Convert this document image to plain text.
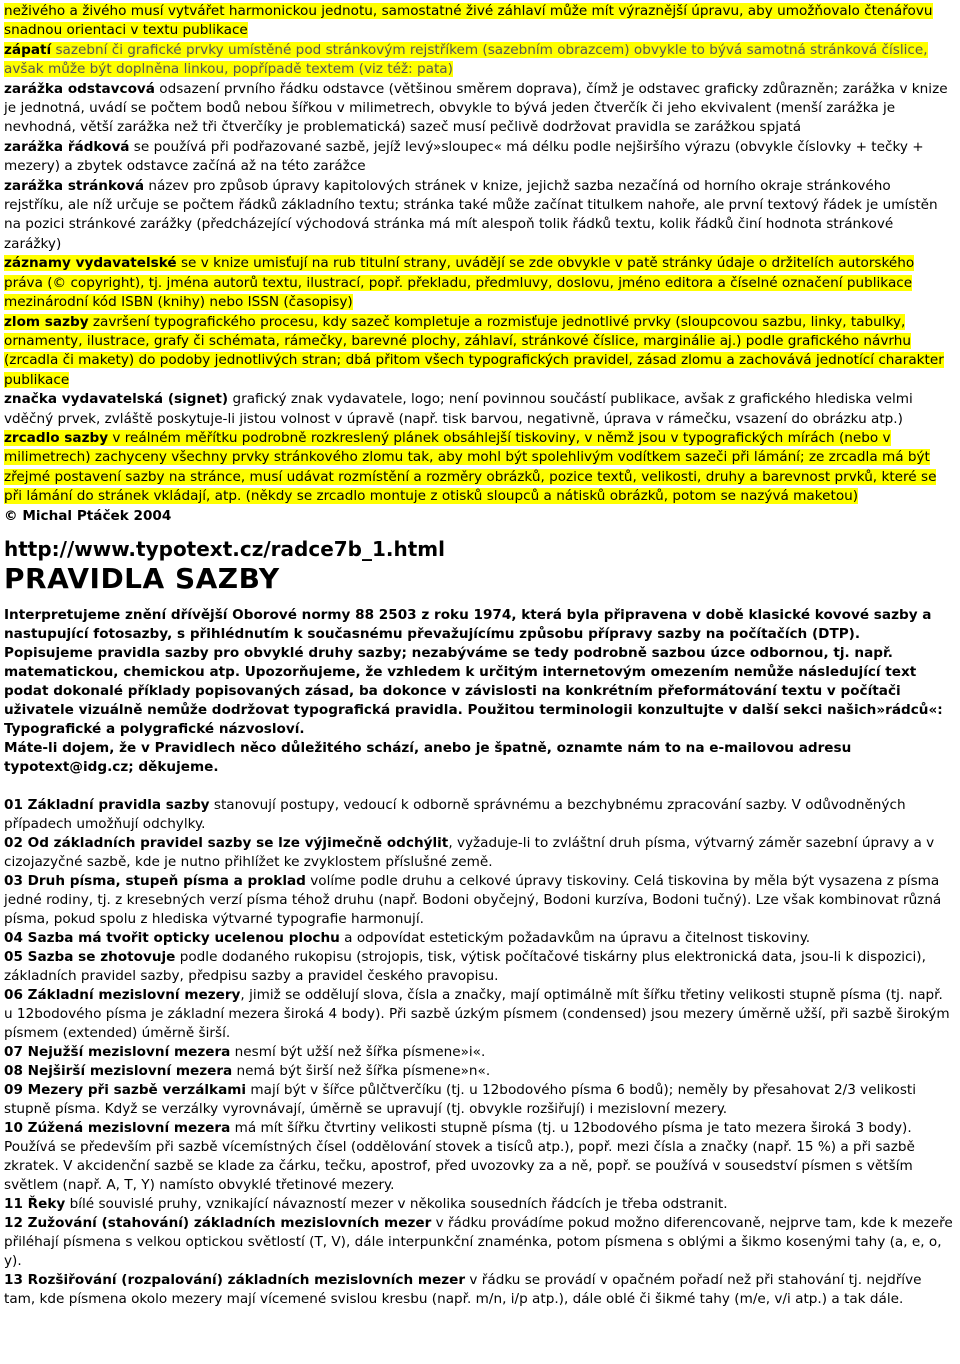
neživého a živého musí vytvářet harmonickou jednotu, samostatné živé záhlaví může mít výraznější úpravu, aby umožňovalo čtenářovu snadnou orientaci v textu publikace

zápatí sazební či grafické prvky umístěné pod stránkovým rejstříkem (sazebním obrazcem) obvykle to bývá samotná stránková číslice, avšak může být doplněna linkou, popřípadě textem (viz též: pata)

zarážka odstavcová odsazení prvního řádku odstavce (většinou směrem doprava), čímž je odstavec graficky zdůrazněn; zarážka v knize je jednotná, uvádí se počtem bodů nebou šířkou v milimetrech, obvykle to bývá jeden čtverčík či jeho ekvivalent (menší zarážka je nevhodná, větší zarážka než tři čtverčíky je problematická) sazeč musí pečlivě dodržovat pravidla se zarážkou spjatá

zarážka řádková se používá při podřazované sazbě, jejíž levý»sloupec« má délku podle nejširšího výrazu (obvykle číslovky + tečky + mezery) a zbytek odstavce začíná až na této zarážce

zarážka stránková název pro způsob úpravy kapitolových stránek v knize, jejichž sazba nezačíná od horního okraje stránkového rejstříku, ale níž určuje se počtem řádků základního textu; stránka také může začínat titulkem nahoře, ale první textový řádek je umístěn na pozici stránkové zarážky (předcházející východová stránka má mít alespoň tolik řádků textu, kolik řádků činí hodnota stránkové zarážky)

záznamy vydavatelské se v knize umisťují na rub titulní strany, uvádějí se zde obvykle v patě stránky údaje o držitelích autorského práva (© copyright), tj. jména autorů textu, ilustrací, popř. překladu, předmluvy, doslovu, jméno editora a číselné označení publikace mezinárodní kód ISBN (knihy) nebo ISSN (časopisy)

zlom sazby završení typografického procesu, kdy sazeč kompletuje a rozmisťuje jednotlivé prvky (sloupcovou sazbu, linky, tabulky, ornamenty, ilustrace, grafy či schémata, rámečky, barevné plochy, záhlaví, stránkové číslice, marginálie aj.) podle grafického návrhu (zrcadla či makety) do podoby jednotlivých stran; dbá přitom všech typografických pravidel, zásad zlomu a zachovává jednotící charakter publikace

značka vydavatelská (signet) grafický znak vydavatele, logo; není povinnou součástí publikace, avšak z grafického hlediska velmi vděčný prvek, zvláště poskytuje-li jistou volnost v úpravě (např. tisk barvou, negativně, úprava v rámečku, vsazení do obrázku atp.)

zrcadlo sazby v reálném měřítku podrobně rozkreslený plánek obsáhlejší tiskoviny, v němž jsou v typografických mírách (nebo v milimetrech) zachyceny všechny prvky stránkového zlomu tak, aby mohl být spolehlivým vodítkem sazeči při lámání; ze zrcadla má být zřejmé postavení sazby na stránce, musí udávat rozmístění a rozměry obrázků, pozice textů, velikosti, druhy a barevnost prvků, které se při lámání do stránek vkládají, atp. (někdy se zrcadlo montuje z otisků sloupců a nátisků obrázků, potom se nazývá maketou)

© Michal Ptáček 2004

http://www.typotext.cz/radce7b_1.html

PRAVIDLA SAZBY

Interpretujeme znění dřívější Oborové normy 88 2503 z roku 1974, která byla připravena v době klasické kovové sazby a nastupující fotosazby, s přihlédnutím k současnému převažujícímu způsobu přípravy sazby na počítačích (DTP).

Popisujeme pravidla sazby pro obvyklé druhy sazby; nezabýváme se tedy podrobně sazbou úzce odbornou, tj. např. matematickou, chemickou atp. Upozorňujeme, že vzhledem k určitým internetovým omezením nemůže následující text podat dokonalé příklady popisovaných zásad, ba dokonce v závislosti na konkrétním přeformátování textu v počítači uživatele vizuálně nemůže dodržovat typografická pravidla. Použitou terminologii konzultujte v další sekci našich»rádců«: Typografické a polygrafické názvosloví.

Máte-li dojem, že v Pravidlech něco důležitého schází, anebo je špatně, oznamte nám to na e-mailovou adresu typotext@idg.cz; děkujeme.

01 Základní pravidla sazby stanovují postupy, vedoucí k odborně správnému a bezchybnému zpracování sazby. V odůvodněných případech umožňují odchylky.

02 Od základních pravidel sazby se lze výjimečně odchýlit, vyžaduje-li to zvláštní druh písma, výtvarný záměr sazební úpravy a v cizojazyčné sazbě, kde je nutno přihlížet ke zvyklostem příslušné země.

03 Druh písma, stupeň písma a proklad volíme podle druhu a celkové úpravy tiskoviny. Celá tiskovina by měla být vysazena z písma jedné rodiny, tj. z kresebných verzí písma téhož druhu (např. Bodoni obyčejný, Bodoni kurzíva, Bodoni tučný). Lze však kombinovat různá písma, pokud spolu z hlediska výtvarné typografie harmonují.

04 Sazba má tvořit opticky ucelenou plochu a odpovídat estetickým požadavkům na úpravu a čitelnost tiskoviny.

05 Sazba se zhotovuje podle dodaného rukopisu (strojopis, tisk, výtisk počítačové tiskárny plus elektronická data, jsou-li k dispozici), základních pravidel sazby, předpisu sazby a pravidel českého pravopisu.

06 Základní mezislovní mezery, jimiž se oddělují slova, čísla a značky, mají optimálně mít šířku třetiny velikosti stupně písma (tj. např. u 12bodového písma je základní mezera široká 4 body). Při sazbě úzkým písmem (condensed) jsou mezery úměrně užší, při sazbě širokým písmem (extended) úměrně širší.

07 Nejužší mezislovní mezera nesmí být užší než šířka písmene»i«.

08 Nejširší mezislovní mezera nemá být širší než šířka písmene»n«.

09 Mezery při sazbě verzálkami mají být v šířce půlčtverčíku (tj. u 12bodového písma 6 bodů); neměly by přesahovat 2/3 velikosti stupně písma. Když se verzálky vyrovnávají, úměrně se upravují (tj. obvykle rozšiřují) i mezislovní mezery.

10 Zúžená mezislovní mezera má mít šířku čtvrtiny velikosti stupně písma (tj. u 12bodového písma je tato mezera široká 3 body). Používá se především při sazbě vícemístných čísel (oddělování stovek a tisíců atp.), popř. mezi čísla a značky (např. 15 %) a při sazbě zkratek. V akcidenční sazbě se klade za čárku, tečku, apostrof, před uvozovky za a ně, popř. se používá v sousedství písmen s větším světlem (např. A, T, Y) namísto obvyklé třetinové mezery.

11 Řeky bílé souvislé pruhy, vznikající návazností mezer v několika sousedních řádcích je třeba odstranit.

12 Zužování (stahování) základních mezislovních mezer v řádku provádíme pokud možno diferencovaně, nejprve tam, kde k mezeře přiléhají písmena s velkou optickou světlostí (T, V), dále interpunkční znaménka, potom písmena s oblými a šikmo kosenými tahy (a, e, o, y).

13 Rozšiřování (rozpalování) základních mezislovních mezer v řádku se provádí v opačném pořadí než při stahování tj. nejdříve tam, kde písmena okolo mezery mají vícemené svislou kresbu (např. m/n, i/p atp.), dále oblé či šikmé tahy (m/e, v/i atp.) a tak dále.
